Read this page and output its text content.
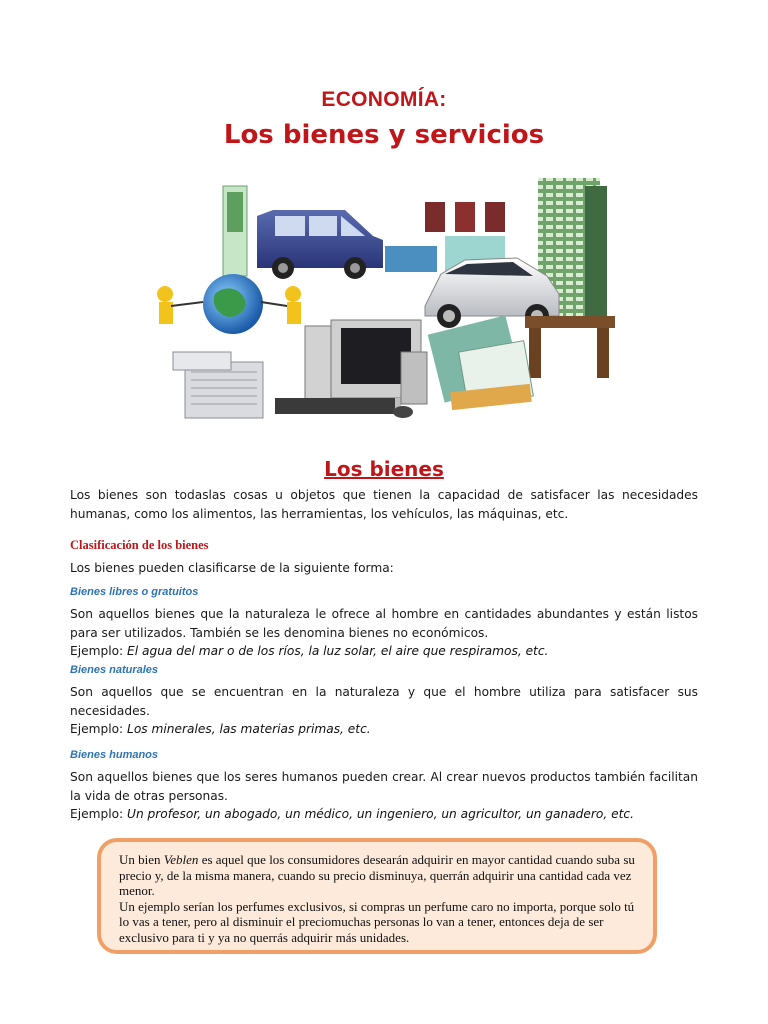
ECONOMÍA:
Los bienes y servicios
Los bienes
Los bienes son todaslas cosas u objetos que tienen la capacidad de satisfacer las necesidades humanas, como los alimentos, las herramientas, los vehículos, las máquinas, etc.
Clasificación de los bienes
Los bienes pueden clasificarse de la siguiente forma:
Bienes libres o gratuitos
Son aquellos bienes que la naturaleza le ofrece al hombre en cantidades abundantes y están listos para ser utilizados. También se les denomina bienes no económicos.
Ejemplo: El agua del mar o de los ríos, la luz solar, el aire que respiramos, etc.
Bienes naturales
Son aquellos que se encuentran en la naturaleza y que el hombre utiliza para satisfacer sus necesidades.
Ejemplo: Los minerales, las materias primas, etc.
Bienes humanos
Son aquellos bienes que los seres humanos pueden crear. Al crear nuevos productos también facilitan la vida de otras personas.
Ejemplo: Un profesor, un abogado, un médico, un ingeniero, un agricultor, un ganadero, etc.
Un bien Veblen es aquel que los consumidores desearán adquirir en mayor cantidad cuando suba su precio y, de la misma manera, cuando su precio disminuya, querrán adquirir una cantidad cada vez menor.
Un ejemplo serían los perfumes exclusivos, si compras un perfume caro no importa, porque solo tú lo vas a tener, pero al disminuir el preciomuchas personas lo van a tener, entonces deja de ser exclusivo para ti y ya no querrás adquirir más unidades.
